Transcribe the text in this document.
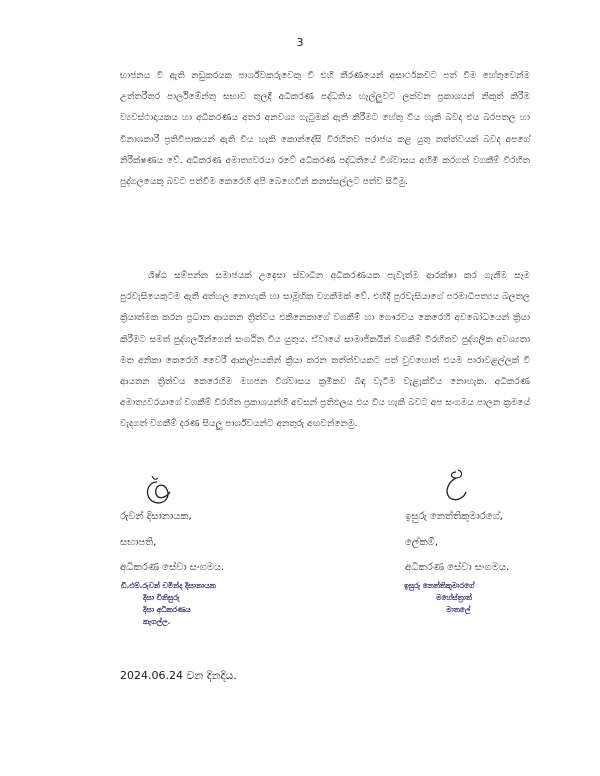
3
භාජනය වී ඇති නඩුකරයක පාර්ශ්වකරුවෙකු වී එහි තීරණයෙන් අසාර්ථකවට පත් වීම හේතුවෙන්ම උත්තරීතර පාර්ලිමේන්තු සභාව තුලදී අධිකරණ පද්ධතිය හෑල්ලුවට ලක්වන ප්‍රකාශයන් නිකුත් කිරීම ව්‍යවස්ථාදායකය හා අධිකරණය අතර අනවශ්‍ය ගැටුමක් ඇති කිරීමට හේතු විය හැකි බවද එය බරපතල හා විනාශකාරී ප්‍රතිවිපාකයන් ඇති විය හැකි කොන්දේසි විරහිතව පරාජය කළ යුතු තත්ත්වයක් බවද අපගේ නිරීක්ෂණය වේ. අධිකරණ අමාත්‍යවරයා රටේ අධිකරණ පද්ධතියේ විශ්වාසය අහිමි කරගත් වගකීම් විරහිත පුද්ගලයෙකු බවට පත්වීම කෙරෙහි අපි බෙහෙවින් කනස්සල්ලට පත්ව සිටිමු.
ශිෂ්ඨ සම්පන්න සමාජයක් උදෙසා ස්වාධීන අධිකරණයක පැවැත්ම ආරක්ෂා කර ගැනීම සෑම පුරවැසියෙකුටම ඇති අත්හල නොහැකි හා සාමූහික වගකීමක් වේ. එහිදී පුරවැසියාගේ පරමාධිපත්‍යය බලතල ක්‍රියාත්මක කරන ප්‍රධාන ආයතන ත්‍රිත්වය එකිනෙකාගේ වගකීම් හා ගෞරවය කෙරෙහි අවබෝධයෙන් ක්‍රියා කිරීමට සමත් පුද්ගලයින්ගෙන් සංගඨිත විය යුතුය. ඒවායේ සාමාජිකයින් වගකීම් විරහිතව පුද්ගලික අවශ්‍යතා මත අනිකා කෙරෙහි වෛරී ආකල්පයකින් ක්‍රියා කරන තත්ත්වයකට පත් වුවහොත් එයම පාරාවළල්ලක් වී ආයතන ත්‍රිත්වය කෙරෙහිම මහජන විශ්වාසය ක්‍රමිකව බිඳ වැටීම වැළැක්විය නොහැක. අධිකරණ අමාත්‍යවරයාගේ වගකීම් විරහිත ප්‍රකාශයන්හි අවසන් ප්‍රතිඵලය එය විය හැකි බවට අප සංගමය පාලන ක්‍රමයේ වැදගත් වගකීම් දරණ සියලු පාර්ශ්වයන්ට අනතුරු අඟවන්නෙමු.
රුවන් දිසානායක,
සභාපති,
අධිකරණ සේවා සංගමය.
ඩී.එම්.රුවන් චමින්ද දිසානායක
දිසා විනිසුරු
දිසා අධිකරණය
කෑගල්ල.
ඉසුරු නෙත්තිකුමාරගේ,
ලේකම්,
අධිකරණ සේවා සංගමය.
ඉසුරු නෙත්තිකුමාරගේ
මහේස්ත්‍රාත්
මාතලේ
2024.06.24 වන දිනදිය.
